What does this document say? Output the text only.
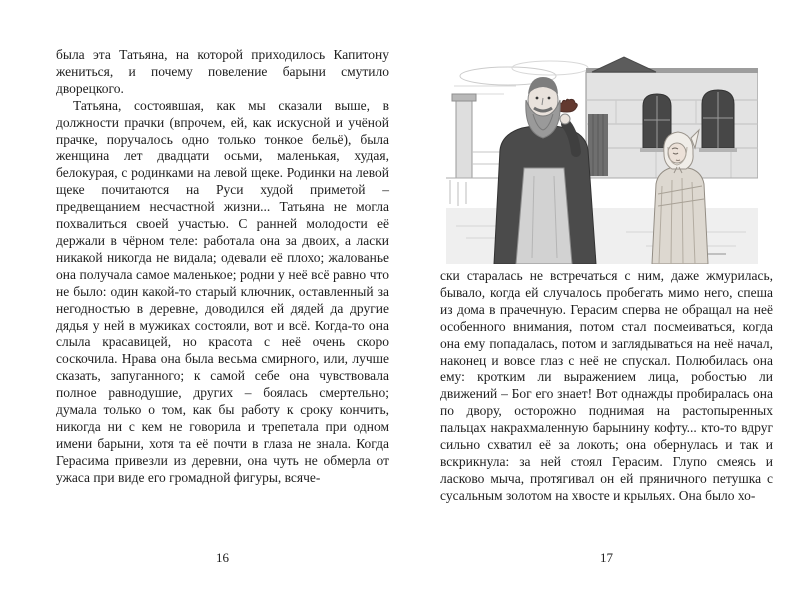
была эта Татьяна, на которой приходилось Капитону жениться, и почему повеление барыни смутило дворецкого.

Татьяна, состоявшая, как мы сказали выше, в должности прачки (впрочем, ей, как искусной и учёной прачке, поручалось одно только тонкое бельё), была женщина лет двадцати осьми, маленькая, худая, белокурая, с родинками на левой щеке. Родинки на левой щеке почитаются на Руси худой приметой – предвещанием несчастной жизни... Татьяна не могла похвалиться своей участью. С ранней молодости её держали в чёрном теле: работала она за двоих, а ласки никакой никогда не видала; одевали её плохо; жалованье она получала самое маленькое; родни у неё всё равно что не было: один какой-то старый ключник, оставленный за негодностью в деревне, доводился ей дядей да другие дядья у ней в мужиках состояли, вот и всё. Когда-то она слыла красавицей, но красота с неё очень скоро соскочила. Нрава она была весьма смирного, или, лучше сказать, запуганного; к самой себе она чувствовала полное равнодушие, других – боялась смертельно; думала только о том, как бы работу к сроку кончить, никогда ни с кем не говорила и трепетала при одном имени барыни, хотя та её почти в глаза не знала. Когда Герасима привезли из деревни, она чуть не обмерла от ужаса при виде его громадной фигуры, всяче-

ски старалась не встречаться с ним, даже жмурилась, бывало, когда ей случалось пробегать мимо него, спеша из дома в прачечную. Герасим сперва не обращал на неё особенного внимания, потом стал посмеиваться, когда она ему попадалась, потом и заглядываться на неё начал, наконец и вовсе глаз с неё не спускал. Полюбилась она ему: кротким ли выражением лица, робостью ли движений – Бог его знает! Вот однажды пробиралась она по двору, осторожно поднимая на растопыренных пальцах накрахмаленную барынину кофту... кто-то вдруг сильно схватил её за локоть; она обернулась и так и вскрикнула: за ней стоял Герасим. Глупо смеясь и ласково мыча, протягивал он ей пряничного петушка с сусальным золотом на хвосте и крыльях. Она было хо-

16	17
